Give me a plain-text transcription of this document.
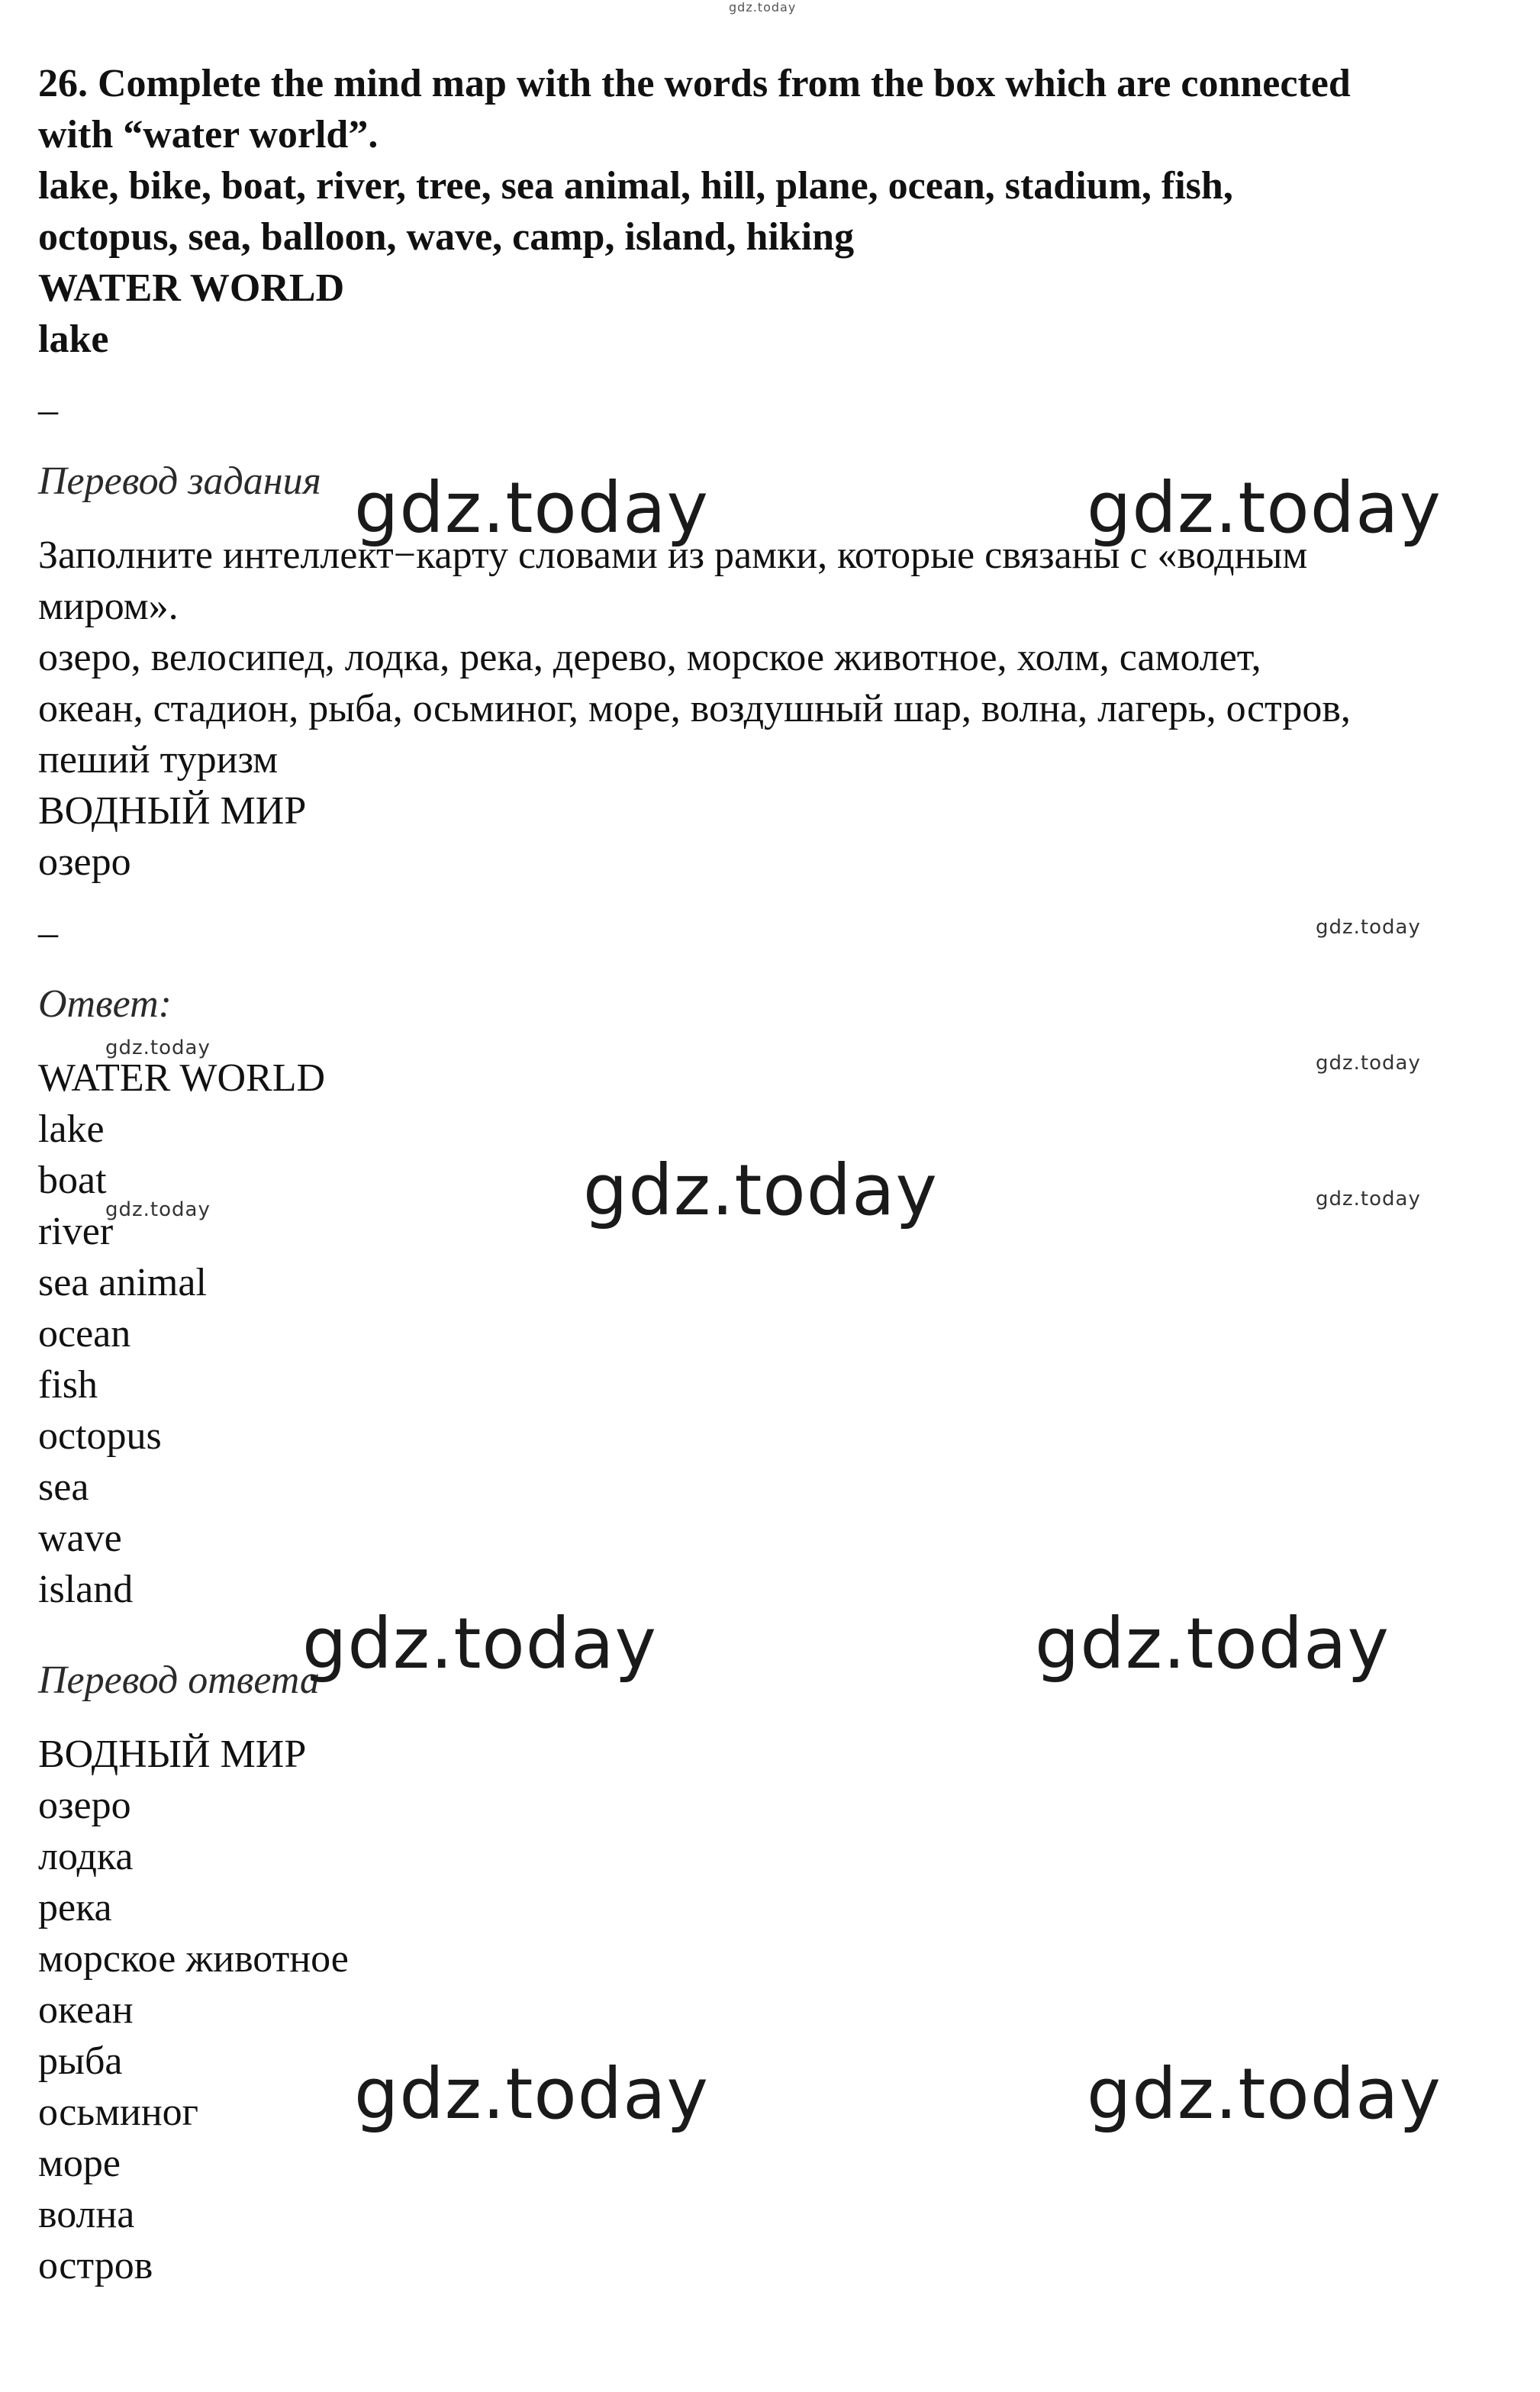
26. Complete the mind map with the words from the box which are connected

with “water world”.

lake, bike, boat, river, tree, sea animal, hill, plane, ocean, stadium, fish,

octopus, sea, balloon, wave, camp, island, hiking

WATER WORLD

lake

–

Перевод задания

Заполните интеллект−карту словами из рамки, которые связаны с «водным

миром».

озеро, велосипед, лодка, река, дерево, морское животное, холм, самолет,

океан, стадион, рыба, осьминог, море, воздушный шар, волна, лагерь, остров,

пеший туризм

ВОДНЫЙ МИР

озеро

–

Ответ:

WATER WORLD

lake

boat

river

sea animal

ocean

fish

octopus

sea

wave

island

Перевод ответа

ВОДНЫЙ МИР

озеро

лодка

река

морское животное

океан

рыба

осьминог

море

волна

остров

gdz.today
gdz.today	gdz.today
gdz.today
gdz.today
gdz.today
gdz.today
gdz.today	gdz.today
gdz.today	gdz.today
gdz.today	gdz.today
